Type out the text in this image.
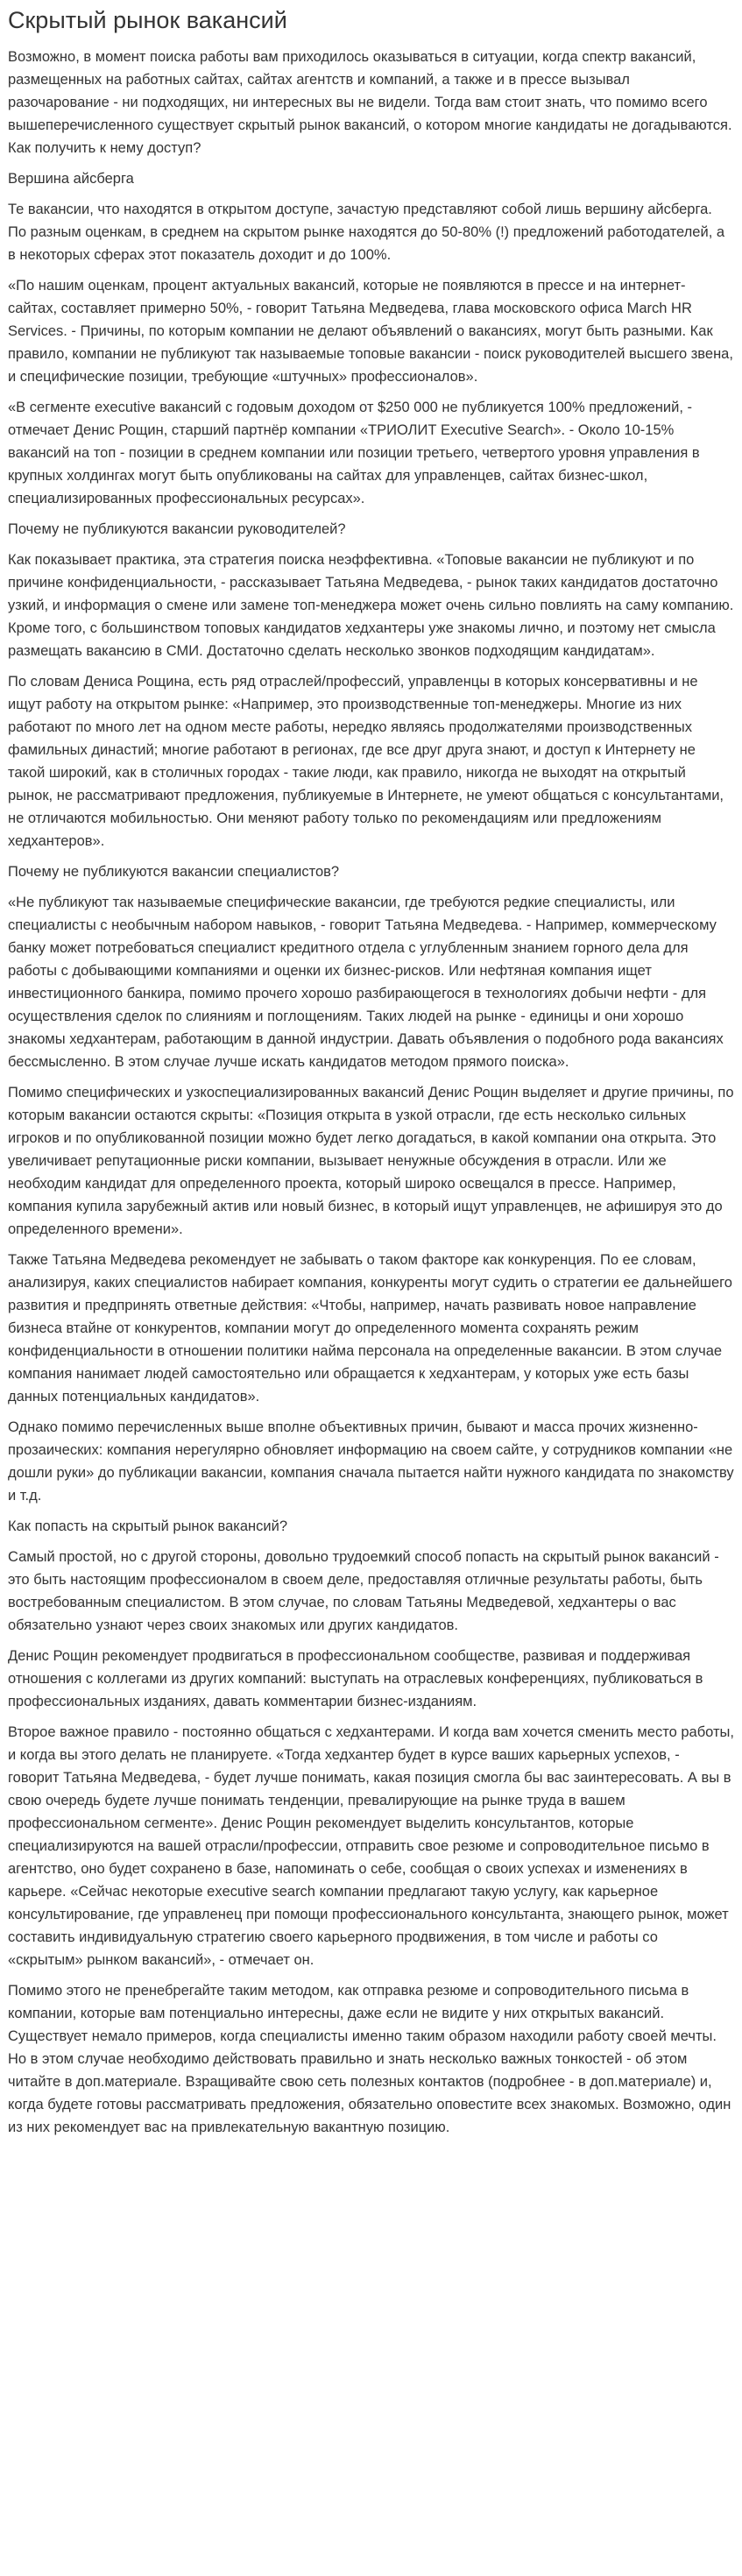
Скрытый рынок вакансий

Возможно, в момент поиска работы вам приходилось оказываться в ситуации, когда спектр вакансий, размещенных на работных сайтах, сайтах агентств и компаний, а также и в прессе вызывал разочарование - ни подходящих, ни интересных вы не видели. Тогда вам стоит знать, что помимо всего вышеперечисленного существует скрытый рынок вакансий, о котором многие кандидаты не догадываются. Как получить к нему доступ?

Вершина айсберга

Те вакансии, что находятся в открытом доступе, зачастую представляют собой лишь вершину айсберга. По разным оценкам, в среднем на скрытом рынке находятся до 50-80% (!) предложений работодателей, а в некоторых сферах этот показатель доходит и до 100%.

«По нашим оценкам, процент актуальных вакансий, которые не появляются в прессе и на интернет-сайтах, составляет примерно 50%, - говорит Татьяна Медведева, глава московского офиса March HR Services. - Причины, по которым компании не делают объявлений о вакансиях, могут быть разными. Как правило, компании не публикуют так называемые топовые вакансии - поиск руководителей высшего звена, и специфические позиции, требующие «штучных» профессионалов».

«В сегменте executive вакансий с годовым доходом от $250 000 не публикуется 100% предложений, - отмечает Денис Рощин, старший партнёр компании «ТРИОЛИТ Executive Search». - Около 10-15% вакансий на топ - позиции в среднем компании или позиции третьего, четвертого уровня управления в крупных холдингах могут быть опубликованы на сайтах для управленцев, сайтах бизнес-школ, специализированных профессиональных ресурсах».

Почему не публикуются вакансии руководителей?

Как показывает практика, эта стратегия поиска неэффективна. «Топовые вакансии не публикуют и по причине конфиденциальности, - рассказывает Татьяна Медведева, - рынок таких кандидатов достаточно узкий, и информация о смене или замене топ-менеджера может очень сильно повлиять на саму компанию. Кроме того, с большинством топовых кандидатов хедхантеры уже знакомы лично, и поэтому нет смысла размещать вакансию в СМИ. Достаточно сделать несколько звонков подходящим кандидатам».

По словам Дениса Рощина, есть ряд отраслей/профессий, управленцы в которых консервативны и не ищут работу на открытом рынке: «Например, это производственные топ-менеджеры. Многие из них работают по много лет на одном месте работы, нередко являясь продолжателями производственных фамильных династий; многие работают в регионах, где все друг друга знают, и доступ к Интернету не такой широкий, как в столичных городах - такие люди, как правило, никогда не выходят на открытый рынок, не рассматривают предложения, публикуемые в Интернете, не умеют общаться с консультантами, не отличаются мобильностью. Они меняют работу только по рекомендациям или предложениям хедхантеров».

Почему не публикуются вакансии специалистов?

«Не публикуют так называемые специфические вакансии, где требуются редкие специалисты, или специалисты с необычным набором навыков, - говорит Татьяна Медведева. - Например, коммерческому банку может потребоваться специалист кредитного отдела с углубленным знанием горного дела для работы с добывающими компаниями и оценки их бизнес-рисков. Или нефтяная компания ищет инвестиционного банкира, помимо прочего хорошо разбирающегося в технологиях добычи нефти - для осуществления сделок по слияниям и поглощениям. Таких людей на рынке - единицы и они хорошо знакомы хедхантерам, работающим в данной индустрии. Давать объявления о подобного рода вакансиях бессмысленно. В этом случае лучше искать кандидатов методом прямого поиска».

Помимо специфических и узкоспециализированных вакансий Денис Рощин выделяет и другие причины, по которым вакансии остаются скрыты: «Позиция открыта в узкой отрасли, где есть несколько сильных игроков и по опубликованной позиции можно будет легко догадаться, в какой компании она открыта. Это увеличивает репутационные риски компании, вызывает ненужные обсуждения в отрасли. Или же необходим кандидат для определенного проекта, который широко освещался в прессе. Например, компания купила зарубежный актив или новый бизнес, в который ищут управленцев, не афишируя это до определенного времени».

Также Татьяна Медведева рекомендует не забывать о таком факторе как конкуренция. По ее словам, анализируя, каких специалистов набирает компания, конкуренты могут судить о стратегии ее дальнейшего развития и предпринять ответные действия: «Чтобы, например, начать развивать новое направление бизнеса втайне от конкурентов, компании могут до определенного момента сохранять режим конфиденциальности в отношении политики найма персонала на определенные вакансии. В этом случае компания нанимает людей самостоятельно или обращается к хедхантерам, у которых уже есть базы данных потенциальных кандидатов».

Однако помимо перечисленных выше вполне объективных причин, бывают и масса прочих жизненно-прозаических: компания нерегулярно обновляет информацию на своем сайте, у сотрудников компании «не дошли руки» до публикации вакансии, компания сначала пытается найти нужного кандидата по знакомству и т.д.

Как попасть на скрытый рынок вакансий?

Самый простой, но с другой стороны, довольно трудоемкий способ попасть на скрытый рынок вакансий - это быть настоящим профессионалом в своем деле, предоставляя отличные результаты работы, быть востребованным специалистом. В этом случае, по словам Татьяны Медведевой, хедхантеры о вас обязательно узнают через своих знакомых или других кандидатов.

Денис Рощин рекомендует продвигаться в профессиональном сообществе, развивая и поддерживая отношения с коллегами из других компаний: выступать на отраслевых конференциях, публиковаться в профессиональных изданиях, давать комментарии бизнес-изданиям.

Второе важное правило - постоянно общаться с хедхантерами. И когда вам хочется сменить место работы, и когда вы этого делать не планируете. «Тогда хедхантер будет в курсе ваших карьерных успехов, - говорит Татьяна Медведева, - будет лучше понимать, какая позиция смогла бы вас заинтересовать. А вы в свою очередь будете лучше понимать тенденции, превалирующие на рынке труда в вашем профессиональном сегменте». Денис Рощин рекомендует выделить консультантов, которые специализируются на вашей отрасли/профессии, отправить свое резюме и сопроводительное письмо в агентство, оно будет сохранено в базе, напоминать о себе, сообщая о своих успехах и изменениях в карьере. «Сейчас некоторые executive search компании предлагают такую услугу, как карьерное консультирование, где управленец при помощи профессионального консультанта, знающего рынок, может составить индивидуальную стратегию своего карьерного продвижения, в том числе и работы со «скрытым» рынком вакансий», - отмечает он.

Помимо этого не пренебрегайте таким методом, как отправка резюме и сопроводительного письма в компании, которые вам потенциально интересны, даже если не видите у них открытых вакансий. Существует немало примеров, когда специалисты именно таким образом находили работу своей мечты. Но в этом случае необходимо действовать правильно и знать несколько важных тонкостей - об этом читайте в доп.материале. Взращивайте свою сеть полезных контактов (подробнее - в доп.материале) и, когда будете готовы рассматривать предложения, обязательно оповестите всех знакомых. Возможно, один из них рекомендует вас на привлекательную вакантную позицию.
